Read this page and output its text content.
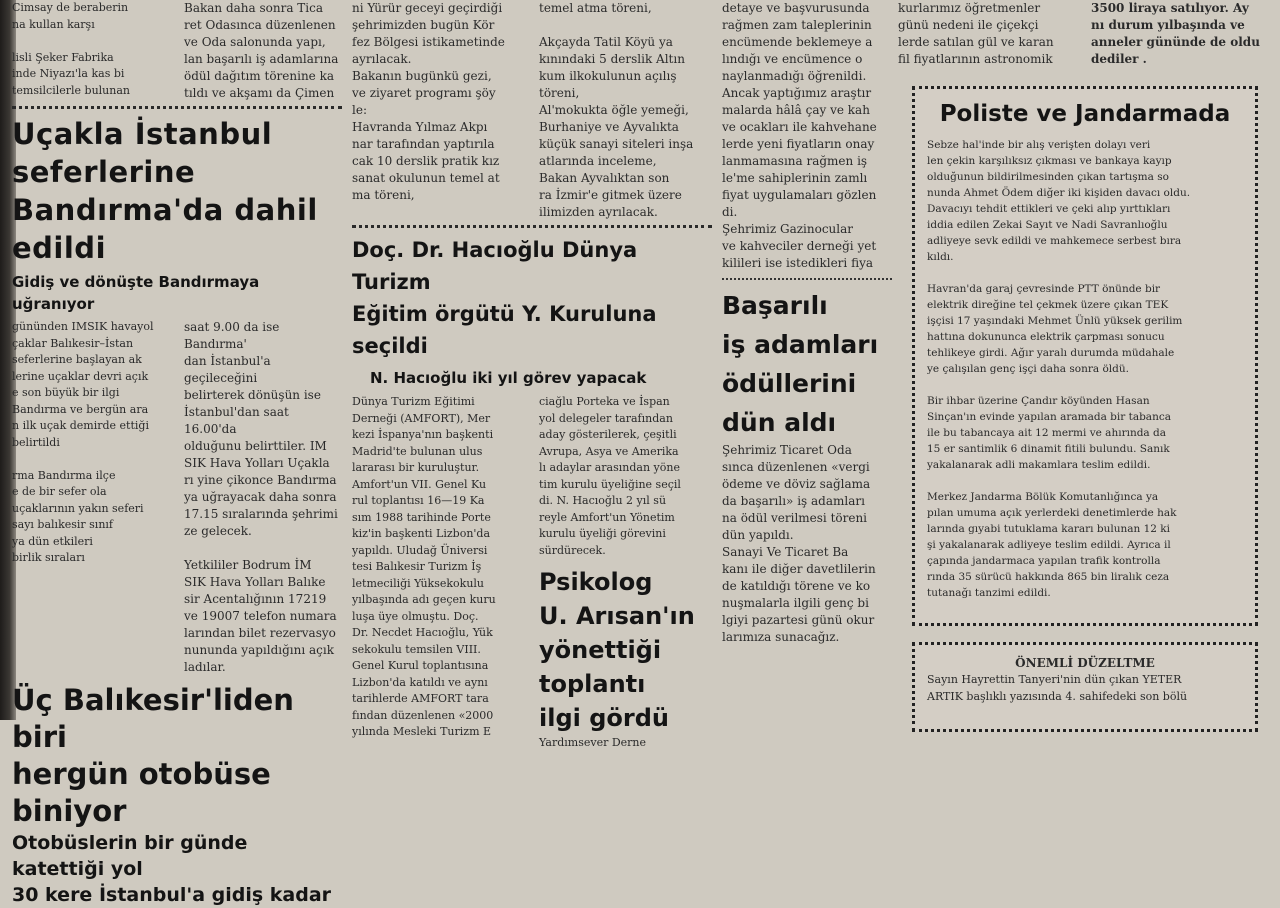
Cimsay de beraberin
na kullan karşı

lisli Şeker Fabrika
inde Niyazı'la kas bi
temsilcilerle bulunan

Bakan daha sonra Tica
ret Odasınca düzenlenen
ve Oda salonunda yapı,
lan başarılı iş adamlarına
ödül dağıtım törenine ka
tıldı ve akşamı da Çimen

Uçakla İstanbul seferlerine
Bandırma'da dahil edildi

Gidiş ve dönüşte Bandırmaya uğranıyor

gününden IMSIK havayol
çaklar Balıkesir–İstan
seferlerine başlayan ak
lerine uçaklar devri açık
e son büyük bir ilgi
Bandırma ve bergün ara
n ilk uçak demirde ettiği
belirtildi

rma Bandırma ilçe
e de bir sefer ola
uçaklarının yakın seferi
sayı balıkesir sınıf
ya dün etkileri
birlik sıraları

saat 9.00 da ise Bandırma'
dan İstanbul'a geçileceğini
belirterek dönüşün ise
İstanbul'dan saat 16.00'da
olduğunu belirttiler. IM
SIK Hava Yolları Uçakla
rı yine çikonce Bandırma
ya uğrayacak daha sonra
17.15 sıralarında şehrimi
ze gelecek.

Yetkililer Bodrum İM
SIK Hava Yolları Balıke
sir Acentalığının 17219
ve 19007 telefon numara
larından bilet rezervasyo
nununda yapıldığını açık
ladılar.

Üç Balıkesir'liden biri
hergün otobüse biniyor

Otobüslerin bir günde katettiği yol
30 kere İstanbul'a gidiş kadar

ni Yürür geceyi geçirdiği
şehrimizden bugün Kör
fez Bölgesi istikametinde
ayrılacak.
Bakanın bugünkü gezi,
ve ziyaret programı şöy
le:
Havranda Yılmaz Akpı
nar tarafından yaptırıla
cak 10 derslik pratik kız
sanat okulunun temel at
ma töreni,

temel atma töreni,

Akçayda Tatil Köyü ya
kınındaki 5 derslik Altın
kum ilkokulunun açılış
töreni,
Al'mokukta öğle yemeği,
Burhaniye ve Ayvalıkta
küçük sanayi siteleri inşa
atlarında inceleme,
Bakan Ayvalıktan son
ra İzmir'e gitmek üzere
ilimizden ayrılacak.

Doç. Dr. Hacıoğlu Dünya Turizm
Eğitim örgütü Y. Kuruluna seçildi

N. Hacıoğlu iki yıl görev yapacak

Dünya Turizm Eğitimi
Derneği (AMFORT), Mer
kezi İspanya'nın başkenti
Madrid'te bulunan ulus
lararası bir kuruluştur.
Amfort'un VII. Genel Ku
rul toplantısı 16—19 Ka
sım 1988 tarihinde Porte
kiz'in başkenti Lizbon'da
yapıldı. Uludağ Üniversi
tesi Balıkesir Turizm İş
letmeciliği Yüksekokulu
yılbaşında adı geçen kuru
luşa üye olmuştu. Doç.
Dr. Necdet Hacıoğlu, Yük
sekokulu temsilen VIII.
Genel Kurul toplantısına
Lizbon'da katıldı ve aynı
tarihlerde AMFORT tara
fından düzenlenen «2000
yılında Mesleki Turizm E

ciağlu Porteka ve İspan
yol delegeler tarafından
aday gösterilerek, çeşitli
Avrupa, Asya ve Amerika
lı adaylar arasından yöne
tim kurulu üyeliğine seçil
di. N. Hacıoğlu 2 yıl sü
reyle Amfort'un Yönetim
kurulu üyeliği görevini
sürdürecek.

Psikolog
U. Arısan'ın
yönettiği
toplantı
ilgi gördü

Yardımsever Derne

detaye ve başvurusunda
rağmen zam taleplerinin
encümende beklemeye a
lındığı ve encümence o
naylanmadığı öğrenildi.
Ancak yaptığımız araştır
malarda hâlâ çay ve kah
ve ocakları ile kahvehane
lerde yeni fiyatların onay
lanmamasına rağmen iş
le'me sahiplerinin zamlı
fiyat uygulamaları gözlen
di.
Şehrimiz Gazinocular
ve kahveciler derneği yet
kilileri ise istedikleri fiya

Başarılı
iş adamları
ödüllerini
dün aldı

Şehrimiz Ticaret Oda
sınca düzenlenen «vergi
ödeme ve döviz sağlama
da başarılı» iş adamları
na ödül verilmesi töreni
dün yapıldı.
Sanayi Ve Ticaret Ba
kanı ile diğer davetlilerin
de katıldığı törene ve ko
nuşmalarla ilgili genç bi
lgiyi pazartesi günü okur
larımıza sunacağız.

kurlarımız öğretmenler
günü nedeni ile çiçekçi
lerde satılan gül ve karan
fil fiyatlarının astronomik

3500 liraya satılıyor. Ay
nı durum yılbaşında ve
anneler gününde de oldu
dediler .

Poliste ve Jandarmada

Sebze hal'inde bir alış verişten dolayı veri
len çekin karşılıksız çıkması ve bankaya kayıp
olduğunun bildirilmesinden çıkan tartışma so
nunda Ahmet Ödem diğer iki kişiden davacı oldu.
Davacıyı tehdit ettikleri ve çeki alıp yırttıkları
iddia edilen Zekai Sayıt ve Nadi Savranlıoğlu
adliyeye sevk edildi ve mahkemece serbest bıra
kıldı.

Havran'da garaj çevresinde PTT önünde bir
elektrik direğine tel çekmek üzere çıkan TEK
işçisi 17 yaşındaki Mehmet Ünlü yüksek gerilim
hattına dokununca elektrik çarpması sonucu
tehlikeye girdi. Ağır yaralı durumda müdahale
ye çalışılan genç işçi daha sonra öldü.

Bir ihbar üzerine Çandır köyünden Hasan
Sinçan'ın evinde yapılan aramada bir tabanca
ile bu tabancaya ait 12 mermi ve ahırında da
15 er santimlik 6 dinamit fitili bulundu. Sanık
yakalanarak adli makamlara teslim edildi.

Merkez Jandarma Bölük Komutanlığınca ya
pılan umuma açık yerlerdeki denetimlerde hak
larında gıyabi tutuklama kararı bulunan 12 ki
şi yakalanarak adliyeye teslim edildi. Ayrıca il
çapında jandarmaca yapılan trafik kontrolla
rında 35 sürücü hakkında 865 bin liralık ceza
tutanağı tanzimi edildi.

ÖNEMLİ DÜZELTME

Sayın Hayrettin Tanyeri'nin dün çıkan YETER
ARTIK başlıklı yazısında 4. sahifedeki son bölü
